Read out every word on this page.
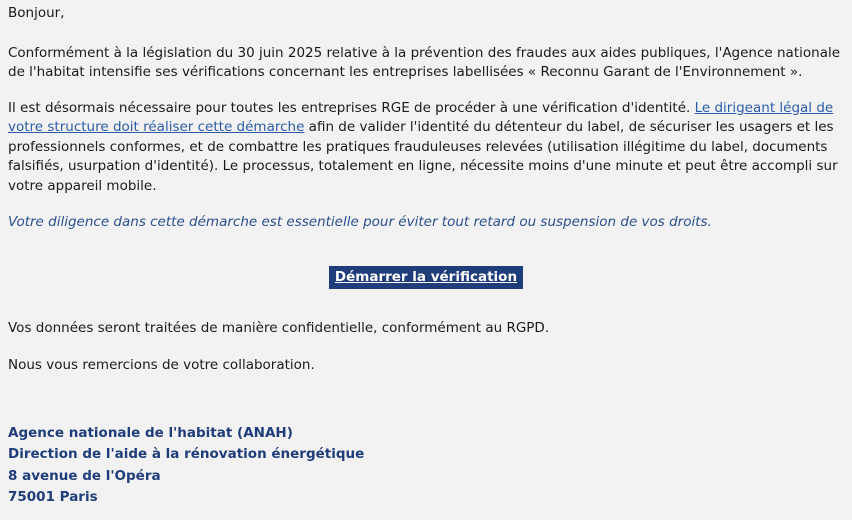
Bonjour,

Conformément à la législation du 30 juin 2025 relative à la prévention des fraudes aux aides publiques, l'Agence nationale de l'habitat intensifie ses vérifications concernant les entreprises labellisées « Reconnu Garant de l'Environnement ».

Il est désormais nécessaire pour toutes les entreprises RGE de procéder à une vérification d'identité. Le dirigeant légal de votre structure doit réaliser cette démarche afin de valider l'identité du détenteur du label, de sécuriser les usagers et les professionnels conformes, et de combattre les pratiques frauduleuses relevées (utilisation illégitime du label, documents falsifiés, usurpation d'identité). Le processus, totalement en ligne, nécessite moins d'une minute et peut être accompli sur votre appareil mobile.

Votre diligence dans cette démarche est essentielle pour éviter tout retard ou suspension de vos droits.

Démarrer la vérification

Vos données seront traitées de manière confidentielle, conformément au RGPD.

Nous vous remercions de votre collaboration.

Agence nationale de l'habitat (ANAH)
Direction de l'aide à la rénovation énergétique
8 avenue de l'Opéra
75001 Paris
